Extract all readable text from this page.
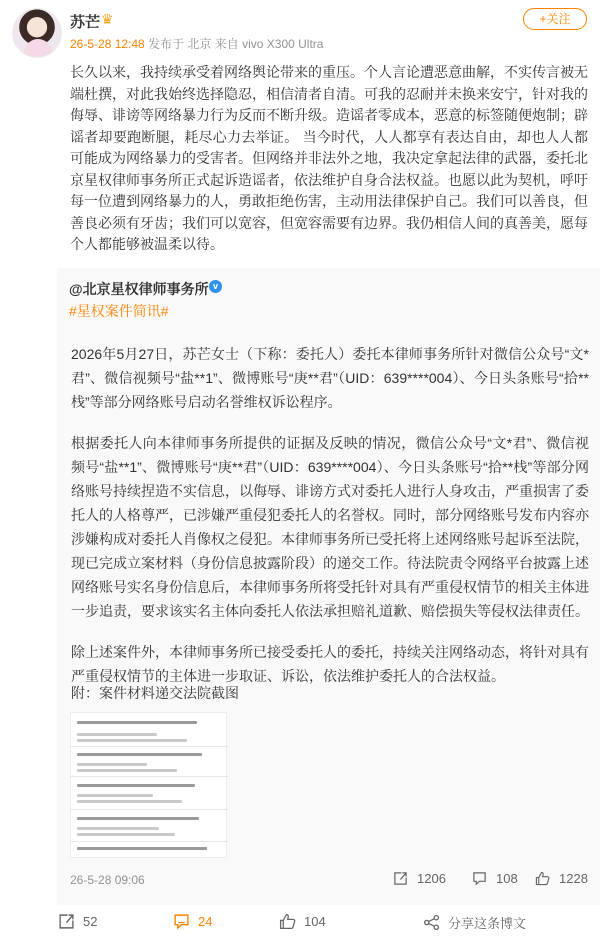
苏芒 ♛
26-5-28 12:48 发布于 北京 来自 vivo X300 Ultra
+关注
长久以来，我持续承受着网络舆论带来的重压。个人言论遭恶意曲解，不实传言被无端杜撰，对此我始终选择隐忍，相信清者自清。可我的忍耐并未换来安宁，针对我的侮辱、诽谤等网络暴力行为反而不断升级。造谣者零成本，恶意的标签随便炮制；辟谣者却要跑断腿，耗尽心力去举证。 当今时代，人人都享有表达自由，却也人人都可能成为网络暴力的受害者。但网络并非法外之地，我决定拿起法律的武器，委托北京星权律师事务所正式起诉造谣者，依法维护自身合法权益。也愿以此为契机，呼吁每一位遭到网络暴力的人，勇敢拒绝伤害，主动用法律保护自己。我们可以善良，但善良必须有牙齿；我们可以宽容，但宽容需要有边界。我仍相信人间的真善美，愿每个人都能够被温柔以待。
@北京星权律师事务所 v
#星权案件简讯#
2026年5月27日，苏芒女士（下称：委托人）委托本律师事务所针对微信公众号“文*君”、微信视频号“盐**1”、微博账号“庚**君”（UID：639****004）、今日头条账号“拾**栈”等部分网络账号启动名誉维权诉讼程序。
根据委托人向本律师事务所提供的证据及反映的情况，微信公众号“文*君”、微信视频号“盐**1”、微博账号“庚**君”（UID：639****004）、今日头条账号“拾**栈”等部分网络账号持续捏造不实信息，以侮辱、诽谤方式对委托人进行人身攻击，严重损害了委托人的人格尊严，已涉嫌严重侵犯委托人的名誉权。同时，部分网络账号发布内容亦涉嫌构成对委托人肖像权之侵犯。本律师事务所已受托将上述网络账号起诉至法院，现已完成立案材料（身份信息披露阶段）的递交工作。待法院责令网络平台披露上述网络账号实名身份信息后，本律师事务所将受托针对具有严重侵权情节的相关主体进一步追责，要求该实名主体向委托人依法承担赔礼道歉、赔偿损失等侵权法律责任。
除上述案件外，本律师事务所已接受委托人的委托，持续关注网络动态，将针对具有严重侵权情节的主体进一步取证、诉讼，依法维护委托人的合法权益。
附：案件材料递交法院截图
26-5-28 09:06	1206	108	1228
52	24	104	分享这条博文
